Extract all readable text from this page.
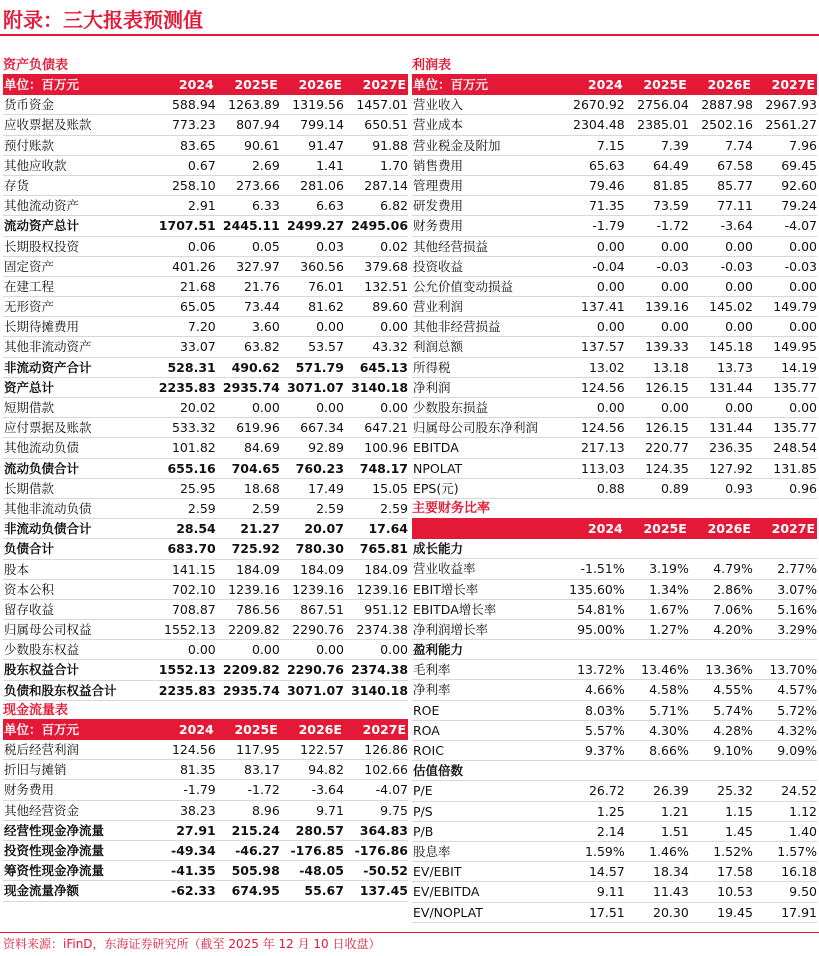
附录：三大报表预测值
资产负债表
单位：百万元	2024	2025E	2026E	2027E
货币资金	588.94 1263.89 1319.56 1457.01
应收票据及账款	773.23	807.94	799.14	650.51
预付账款	83.65	90.61	91.47	91.88
其他应收款	0.67	2.69	1.41	1.70
存货	258.10	273.66	281.06	287.14
其他流动资产	2.91	6.33	6.63	6.82
流动资产总计	1707.51 2445.11 2499.27 2495.06
长期股权投资	0.06	0.05	0.03	0.02
固定资产	401.26	327.97	360.56	379.68
在建工程	21.68	21.76	76.01	132.51
无形资产	65.05	73.44	81.62	89.60
长期待摊费用	7.20	3.60	0.00	0.00
其他非流动资产	33.07	63.82	53.57	43.32
非流动资产合计	528.31	490.62	571.79	645.13
资产总计	2235.83 2935.74 3071.07 3140.18
短期借款	20.02	0.00	0.00	0.00
应付票据及账款	533.32	619.96	667.34	647.21
其他流动负债	101.82	84.69	92.89	100.96
流动负债合计	655.16	704.65	760.23	748.17
长期借款	25.95	18.68	17.49	15.05
其他非流动负债	2.59	2.59	2.59	2.59
非流动负债合计	28.54	21.27	20.07	17.64
负债合计	683.70	725.92	780.30	765.81
股本	141.15	184.09	184.09	184.09
资本公积	702.10 1239.16 1239.16 1239.16
留存收益	708.87	786.56	867.51	951.12
归属母公司权益	1552.13 2209.82 2290.76 2374.38
少数股东权益	0.00	0.00	0.00	0.00
股东权益合计	1552.13 2209.82 2290.76 2374.38
负债和股东权益合计	2235.83 2935.74 3071.07 3140.18
现金流量表
单位：百万元	2024	2025E	2026E	2027E
税后经营利润	124.56	117.95	122.57	126.86
折旧与摊销	81.35	83.17	94.82	102.66
财务费用	-1.79	-1.72	-3.64	-4.07
其他经营资金	38.23	8.96	9.71	9.75
经营性现金净流量	27.91	215.24	280.57	364.83
投资性现金净流量	-49.34	-46.27 -176.85 -176.86
筹资性现金净流量	-41.35	505.98	-48.05	-50.52
现金流量净额	-62.33	674.95	55.67	137.45
利润表
单位：百万元	2024	2025E	2026E	2027E
营业收入	2670.92 2756.04 2887.98 2967.93
营业成本	2304.48 2385.01 2502.16 2561.27
营业税金及附加	7.15	7.39	7.74	7.96
销售费用	65.63	64.49	67.58	69.45
管理费用	79.46	81.85	85.77	92.60
研发费用	71.35	73.59	77.11	79.24
财务费用	-1.79	-1.72	-3.64	-4.07
其他经营损益	0.00	0.00	0.00	0.00
投资收益	-0.04	-0.03	-0.03	-0.03
公允价值变动损益	0.00	0.00	0.00	0.00
营业利润	137.41	139.16	145.02	149.79
其他非经营损益	0.00	0.00	0.00	0.00
利润总额	137.57	139.33	145.18	149.95
所得税	13.02	13.18	13.73	14.19
净利润	124.56	126.15	131.44	135.77
少数股东损益	0.00	0.00	0.00	0.00
归属母公司股东净利润	124.56	126.15	131.44	135.77
EBITDA	217.13	220.77	236.35	248.54
NPOLAT	113.03	124.35	127.92	131.85
EPS(元)	0.88	0.89	0.93	0.96
主要财务比率
2024	2025E	2026E	2027E
成长能力
营业收益率	-1.51%	3.19%	4.79%	2.77%
EBIT增长率	135.60%	1.34%	2.86%	3.07%
EBITDA增长率	54.81%	1.67%	7.06%	5.16%
净利润增长率	95.00%	1.27%	4.20%	3.29%
盈利能力
毛利率	13.72%	13.46%	13.36%	13.70%
净利率	4.66%	4.58%	4.55%	4.57%
ROE	8.03%	5.71%	5.74%	5.72%
ROA	5.57%	4.30%	4.28%	4.32%
ROIC	9.37%	8.66%	9.10%	9.09%
估值倍数
P/E	26.72	26.39	25.32	24.52
P/S	1.25	1.21	1.15	1.12
P/B	2.14	1.51	1.45	1.40
股息率	1.59%	1.46%	1.52%	1.57%
EV/EBIT	14.57	18.34	17.58	16.18
EV/EBITDA	9.11	11.43	10.53	9.50
EV/NOPLAT	17.51	20.30	19.45	17.91
资料来源：iFinD，东海证券研究所（截至 2025 年 12 月 10 日收盘）
